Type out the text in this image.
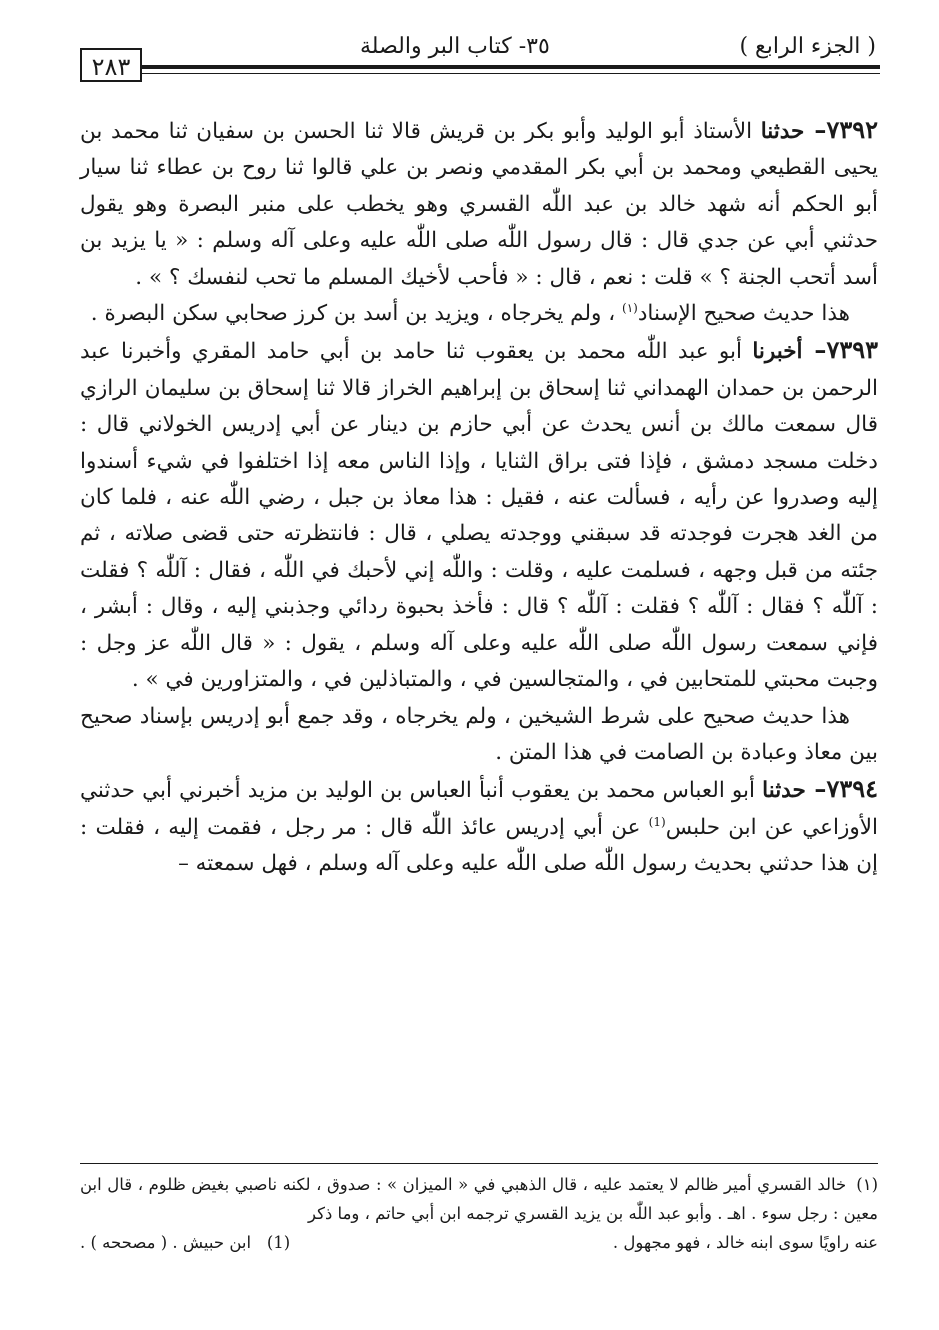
( الجزء الرابع )
٣٥- كتاب البر والصلة
٢٨٣

٧٣٩٢– حدثنا الأستاذ أبو الوليد وأبو بكر بن قريش قالا ثنا الحسن بن سفيان ثنا محمد بن يحيى القطيعي ومحمد بن أبي بكر المقدمي ونصر بن علي قالوا ثنا روح بن عطاء ثنا سيار أبو الحكم أنه شهد خالد بن عبد اللّٰه القسري وهو يخطب على منبر البصرة وهو يقول حدثني أبي عن جدي قال : قال رسول اللّٰه صلى اللّٰه عليه وعلى آله وسلم : « يا يزيد بن أسد أتحب الجنة ؟ » قلت : نعم ، قال : « فأحب لأخيك المسلم ما تحب لنفسك ؟ » .

هذا حديث صحيح الإسناد$^{(١)}$ ، ولم يخرجاه ، ويزيد بن أسد بن كرز صحابي سكن البصرة .

٧٣٩٣– أخبرنا أبو عبد اللّٰه محمد بن يعقوب ثنا حامد بن أبي حامد المقري وأخبرنا عبد الرحمن بن حمدان الهمداني ثنا إسحاق بن إبراهيم الخراز قالا ثنا إسحاق بن سليمان الرازي قال سمعت مالك بن أنس يحدث عن أبي حازم بن دينار عن أبي إدريس الخولاني قال : دخلت مسجد دمشق ، فإذا فتى براق الثنايا ، وإذا الناس معه إذا اختلفوا في شيء أسندوا إليه وصدروا عن رأيه ، فسألت عنه ، فقيل : هذا معاذ بن جبل ، رضي اللّٰه عنه ، فلما كان من الغد هجرت فوجدته قد سبقني ووجدته يصلي ، قال : فانتظرته حتى قضى صلاته ، ثم جئته من قبل وجهه ، فسلمت عليه ، وقلت : واللّٰه إني لأحبك في اللّٰه ، فقال : آللّٰه ؟ فقلت : آللّٰه ؟ فقال : آللّٰه ؟ فقلت : آللّٰه ؟ قال : فأخذ بحبوة ردائي وجذبني إليه ، وقال : أبشر ، فإني سمعت رسول اللّٰه صلى اللّٰه عليه وعلى آله وسلم ، يقول : « قال اللّٰه عز وجل : وجبت محبتي للمتحابين في ، والمتجالسين في ، والمتباذلين في ، والمتزاورين في » .

هذا حديث صحيح على شرط الشيخين ، ولم يخرجاه ، وقد جمع أبو إدريس بإسناد صحيح بين معاذ وعبادة بن الصامت في هذا المتن .

٧٣٩٤– حدثنا أبو العباس محمد بن يعقوب أنبأ العباس بن الوليد بن مزيد أخبرني أبي حدثني الأوزاعي عن ابن حلبس$^{(1)}$ عن أبي إدريس عائذ اللّٰه قال : مر رجل ، فقمت إليه ، فقلت : إن هذا حدثني بحديث رسول اللّٰه صلى اللّٰه عليه وعلى آله وسلم ، فهل سمعته –

(١)خالد القسري أمير ظالم لا يعتمد عليه ، قال الذهبي في « الميزان » : صدوق ، لكنه ناصبي بغيض ظلوم ، قال ابن معين : رجل سوء . اهـ . وأبو عبد اللّٰه بن يزيد القسري ترجمه ابن أبي حاتم ، وما ذكر

عنه راويًا سوى ابنه خالد ، فهو مجهول .
(1)   ابن حبيش . ( مصححه ) .
